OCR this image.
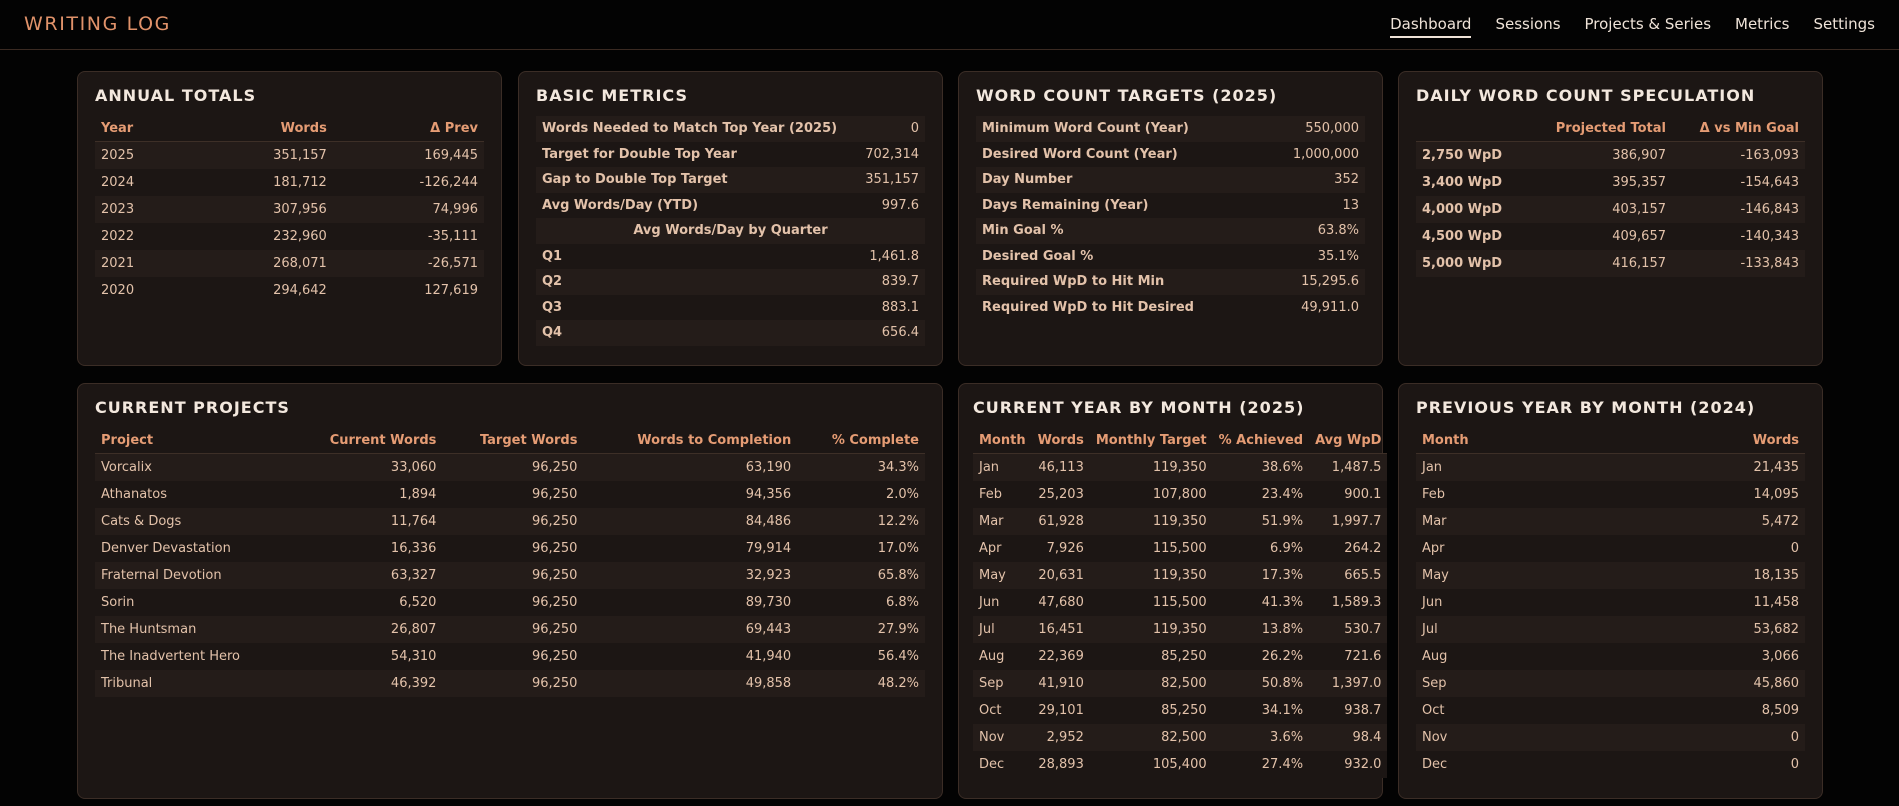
WRITING LOG	Dashboard Sessions Projects & Series Metrics Settings
ANNUAL TOTALS
Year	Words	Δ Prev
2025	351,157	169,445
2024	181,712	-126,244
2023	307,956	74,996
2022	232,960	-35,111
2021	268,071	-26,571
2020	294,642	127,619
BASIC METRICS
Words Needed to Match Top Year (2025)	0
Target for Double Top Year	702,314
Gap to Double Top Target	351,157
Avg Words/Day (YTD)	997.6
Avg Words/Day by Quarter	
Q1	1,461.8
Q2	839.7
Q3	883.1
Q4	656.4
WORD COUNT TARGETS (2025)
Minimum Word Count (Year)	550,000
Desired Word Count (Year)	1,000,000
Day Number	352
Days Remaining (Year)	13
Min Goal %	63.8%
Desired Goal %	35.1%
Required WpD to Hit Min	15,295.6
Required WpD to Hit Desired	49,911.0
DAILY WORD COUNT SPECULATION
	Projected Total	Δ vs Min Goal
2,750 WpD	386,907	-163,093
3,400 WpD	395,357	-154,643
4,000 WpD	403,157	-146,843
4,500 WpD	409,657	-140,343
5,000 WpD	416,157	-133,843
CURRENT PROJECTS
Project	Current Words	Target Words	Words to Completion	% Complete
Vorcalix	33,060	96,250	63,190	34.3%
Athanatos	1,894	96,250	94,356	2.0%
Cats & Dogs	11,764	96,250	84,486	12.2%
Denver Devastation	16,336	96,250	79,914	17.0%
Fraternal Devotion	63,327	96,250	32,923	65.8%
Sorin	6,520	96,250	89,730	6.8%
The Huntsman	26,807	96,250	69,443	27.9%
The Inadvertent Hero	54,310	96,250	41,940	56.4%
Tribunal	46,392	96,250	49,858	48.2%
CURRENT YEAR BY MONTH (2025)
Month	Words	Monthly Target	% Achieved	Avg WpD
Jan	46,113	119,350	38.6%	1,487.5
Feb	25,203	107,800	23.4%	900.1
Mar	61,928	119,350	51.9%	1,997.7
Apr	7,926	115,500	6.9%	264.2
May	20,631	119,350	17.3%	665.5
Jun	47,680	115,500	41.3%	1,589.3
Jul	16,451	119,350	13.8%	530.7
Aug	22,369	85,250	26.2%	721.6
Sep	41,910	82,500	50.8%	1,397.0
Oct	29,101	85,250	34.1%	938.7
Nov	2,952	82,500	3.6%	98.4
Dec	28,893	105,400	27.4%	932.0
PREVIOUS YEAR BY MONTH (2024)
Month	Words
Jan	21,435
Feb	14,095
Mar	5,472
Apr	0
May	18,135
Jun	11,458
Jul	53,682
Aug	3,066
Sep	45,860
Oct	8,509
Nov	0
Dec	0
